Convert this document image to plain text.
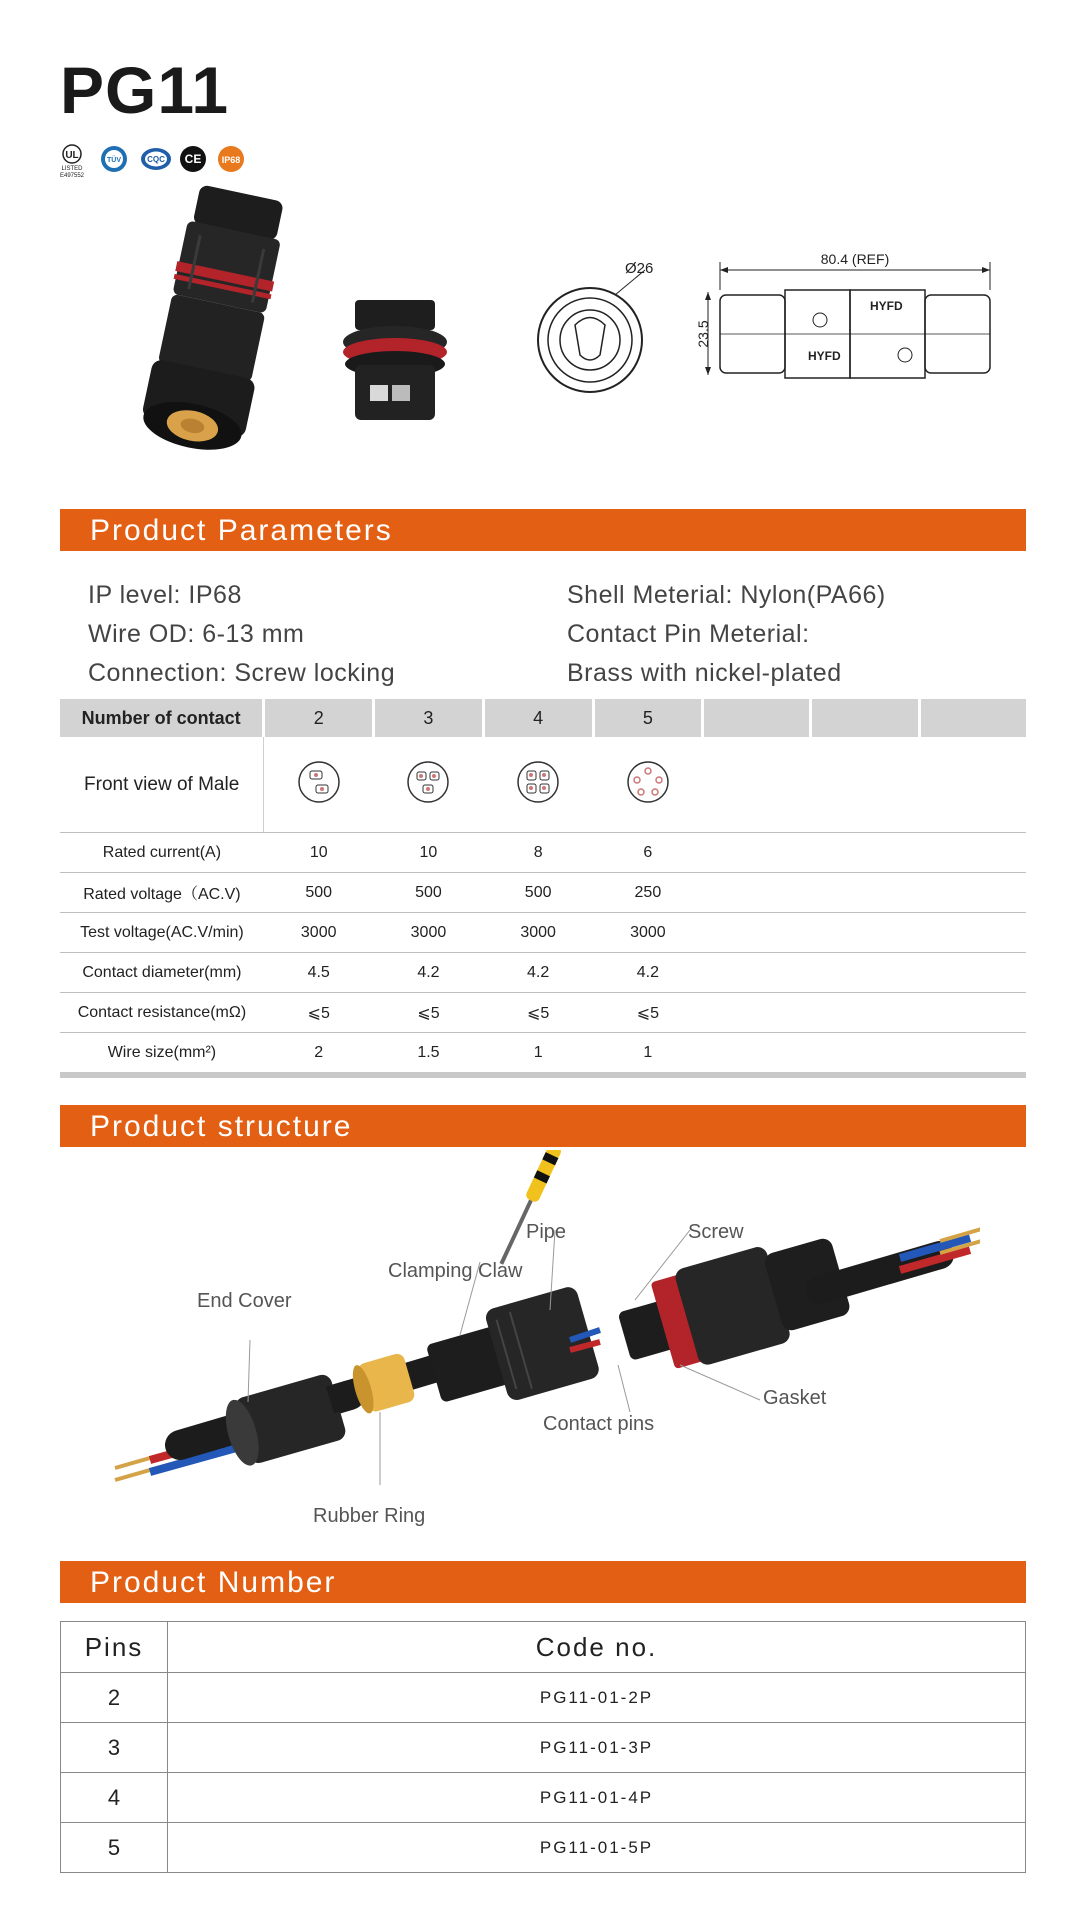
PG11
UL
LISTED
E497552
TÜV	CQC CE IP68
Ø26
80.4 (REF)
23.5
HYFD
HYFD
Product Parameters
IP level: IP68
Wire OD: 6-13 mm
Connection: Screw locking
Shell Meterial: Nylon(PA66)
Contact Pin Meterial:
Brass with nickel-plated
Number of contact	2	3	4	5			
Front view of Male							
Rated current(A)	10	10	8	6			
Rated voltage（AC.V)	500	500	500	250			
Test voltage(AC.V/min)	3000	3000	3000	3000			
Contact diameter(mm)	4.5	4.2	4.2	4.2			
Contact resistance(mΩ)	⩽5	⩽5	⩽5	⩽5			
Wire size(mm²)	2	1.5	1	1			
Product structure
Pipe	Screw
Clamping Claw
End Cover
Gasket
Contact pins
Rubber Ring
Product Number
Pins	Code no.
2	PG11-01-2P
3	PG11-01-3P
4	PG11-01-4P
5	PG11-01-5P
